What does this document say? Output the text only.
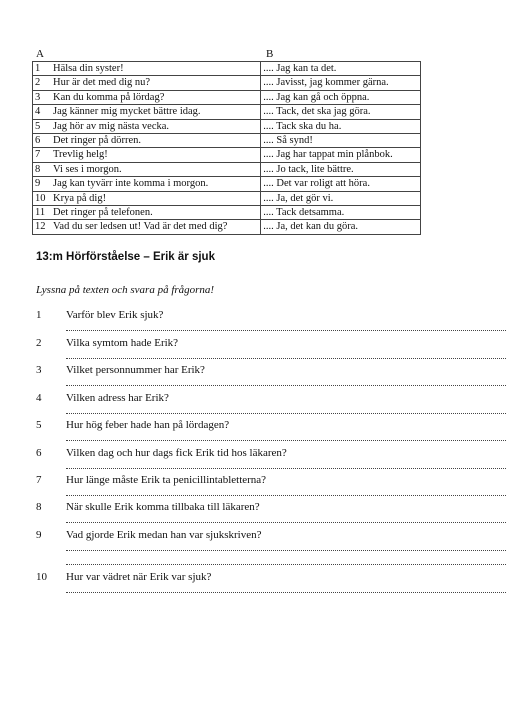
A	B
1 Hälsa din syster!	.... Jag kan ta det.
2 Hur är det med dig nu?	.... Javisst, jag kommer gärna.
3 Kan du komma på lördag?	.... Jag kan gå och öppna.
4 Jag känner mig mycket bättre idag.	.... Tack, det ska jag göra.
5 Jag hör av mig nästa vecka.	.... Tack ska du ha.
6 Det ringer på dörren.	.... Så synd!
7 Trevlig helg!	.... Jag har tappat min plånbok.
8 Vi ses i morgon.	.... Jo tack, lite bättre.
9 Jag kan tyvärr inte komma i morgon.	.... Det var roligt att höra.
10 Krya på dig!	.... Ja, det gör vi.
11 Det ringer på telefonen.	.... Tack detsamma.
12 Vad du ser ledsen ut! Vad är det med dig?	.... Ja, det kan du göra.
13:m Hörförståelse – Erik är sjuk
Lyssna på texten och svara på frågorna!
1 Varför blev Erik sjuk?
2 Vilka symtom hade Erik?
3 Vilket personnummer har Erik?
4 Vilken adress har Erik?
5 Hur hög feber hade han på lördagen?
6 Vilken dag och hur dags fick Erik tid hos läkaren?
7 Hur länge måste Erik ta penicillintabletterna?
8 När skulle Erik komma tillbaka till läkaren?
9 Vad gjorde Erik medan han var sjukskriven?
10 Hur var vädret när Erik var sjuk?
